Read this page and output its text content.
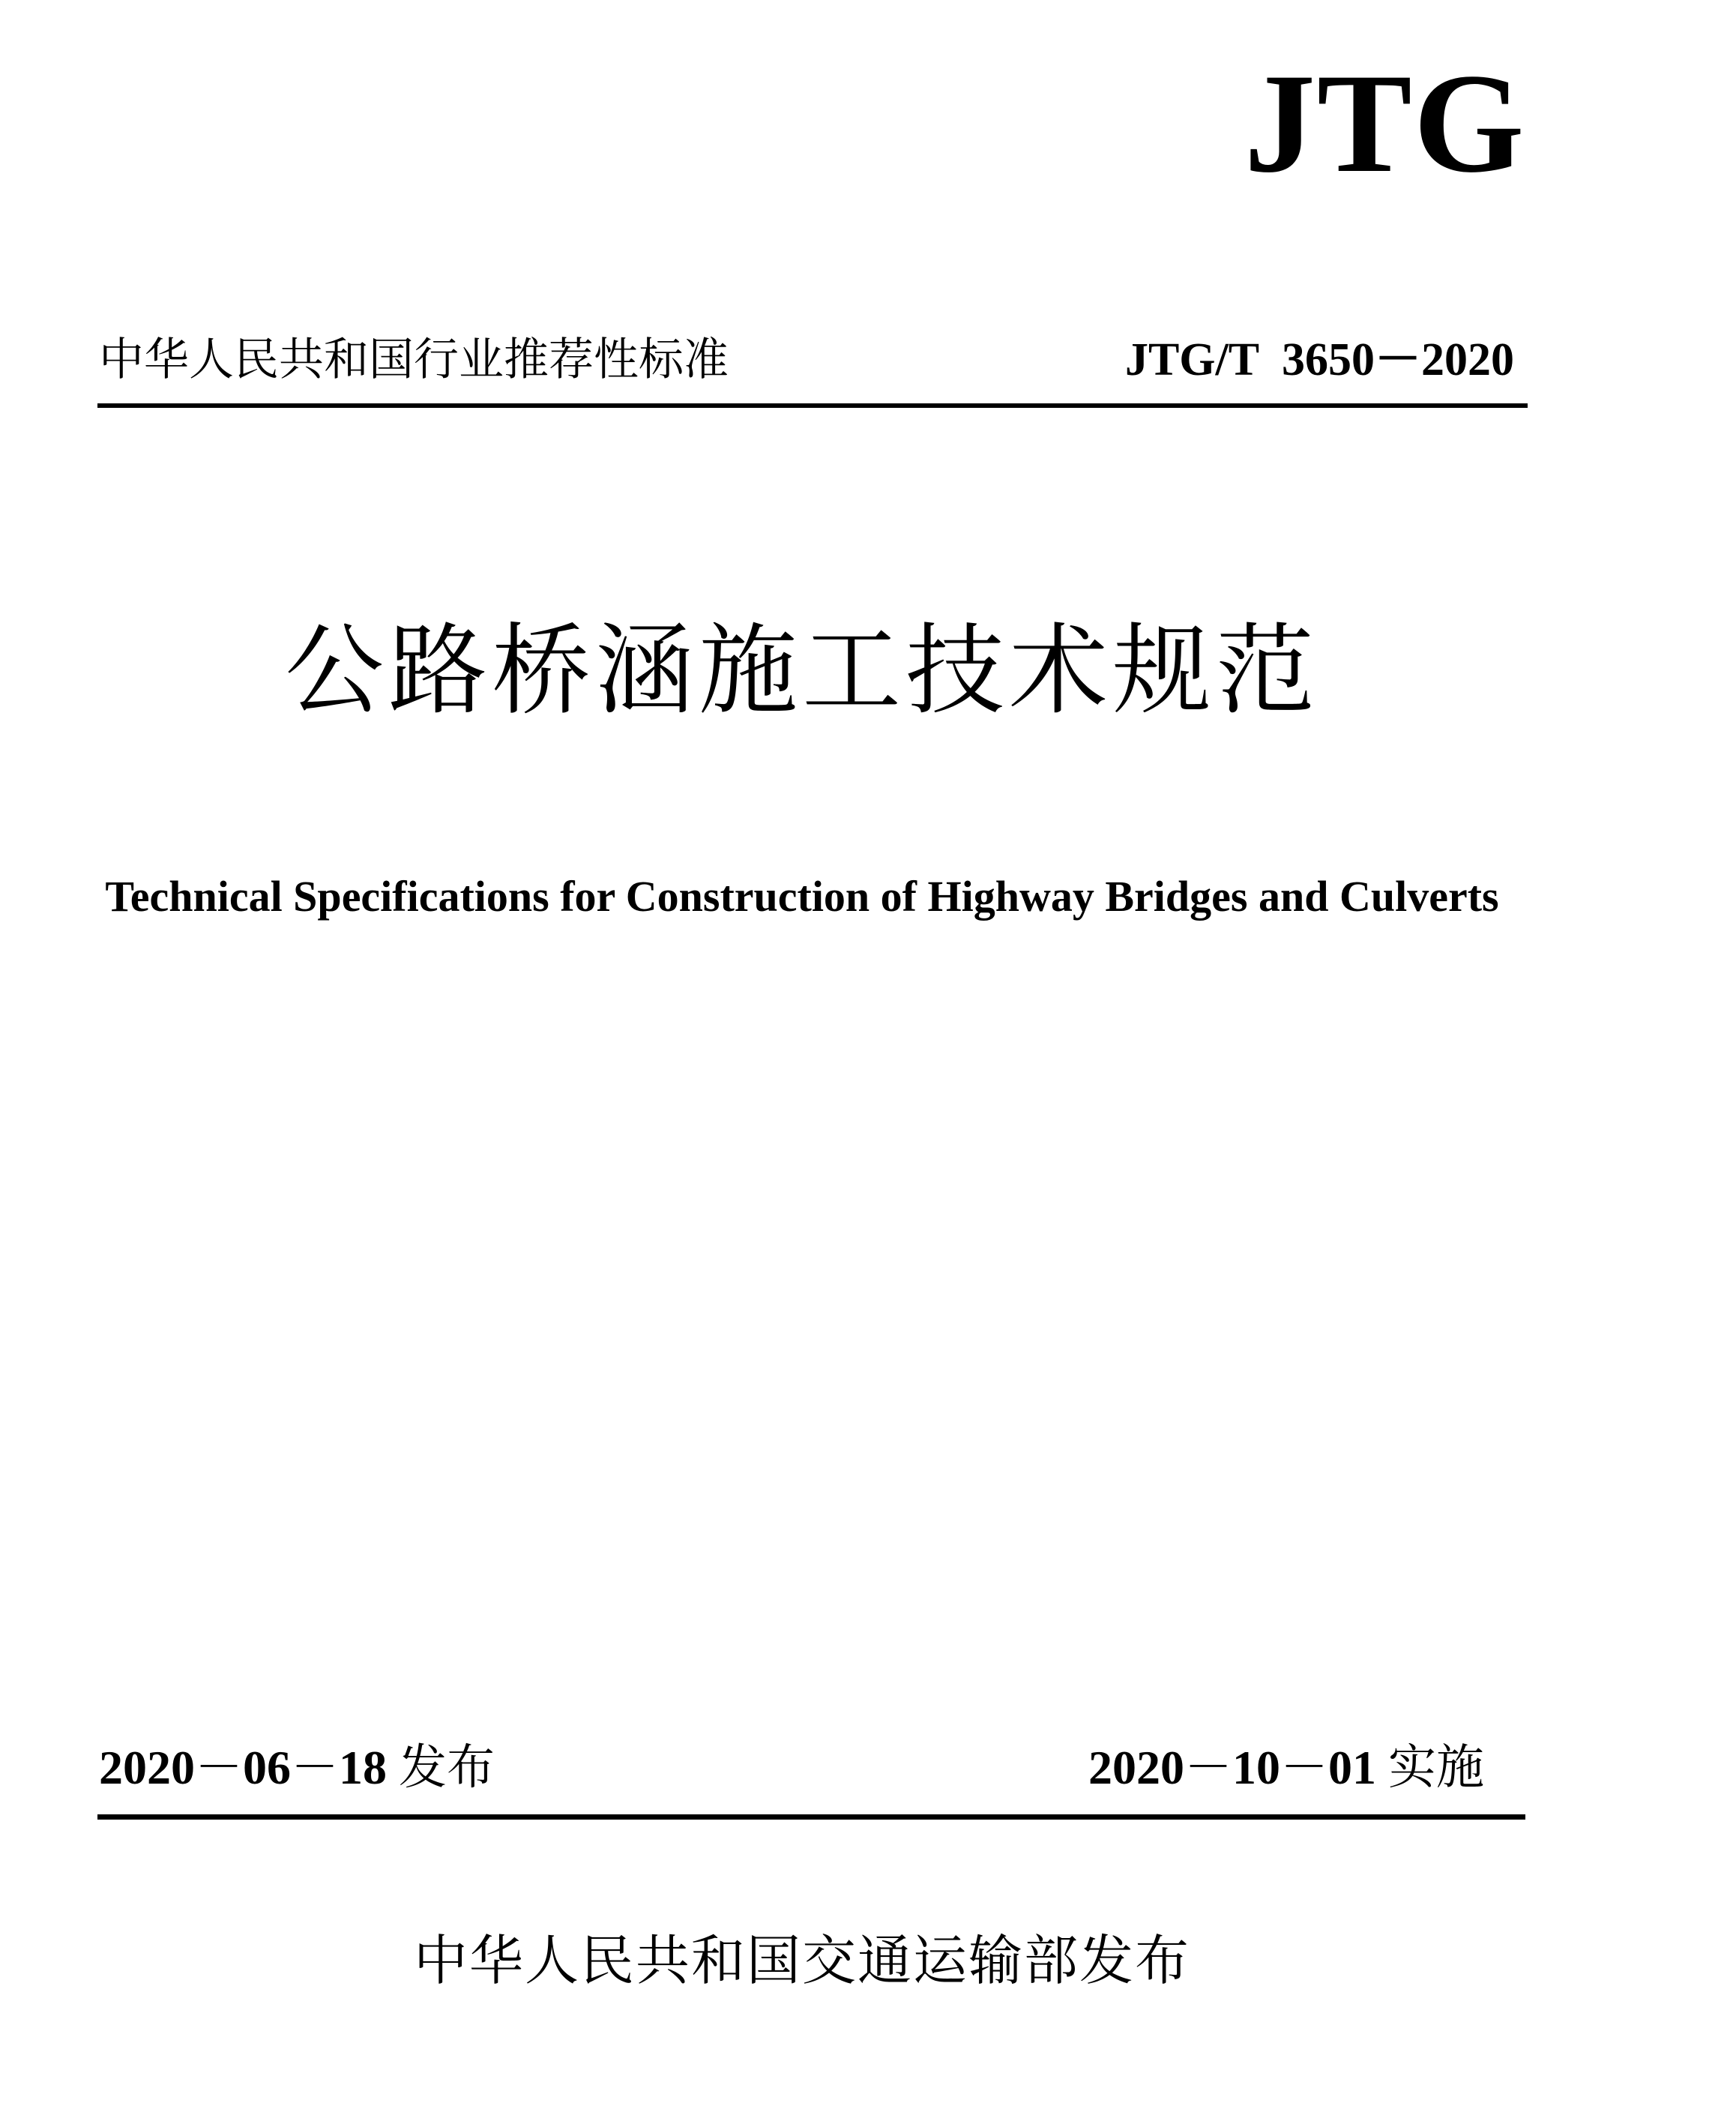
JTG
中华人民共和国行业推荐性标准	JTG/T  3650－2020
公路桥涵施工技术规范
Technical Specifications for Construction of Highway Bridges and Culverts
2020－06－18 发布	2020－10－01 实施
中华人民共和国交通运输部发布
